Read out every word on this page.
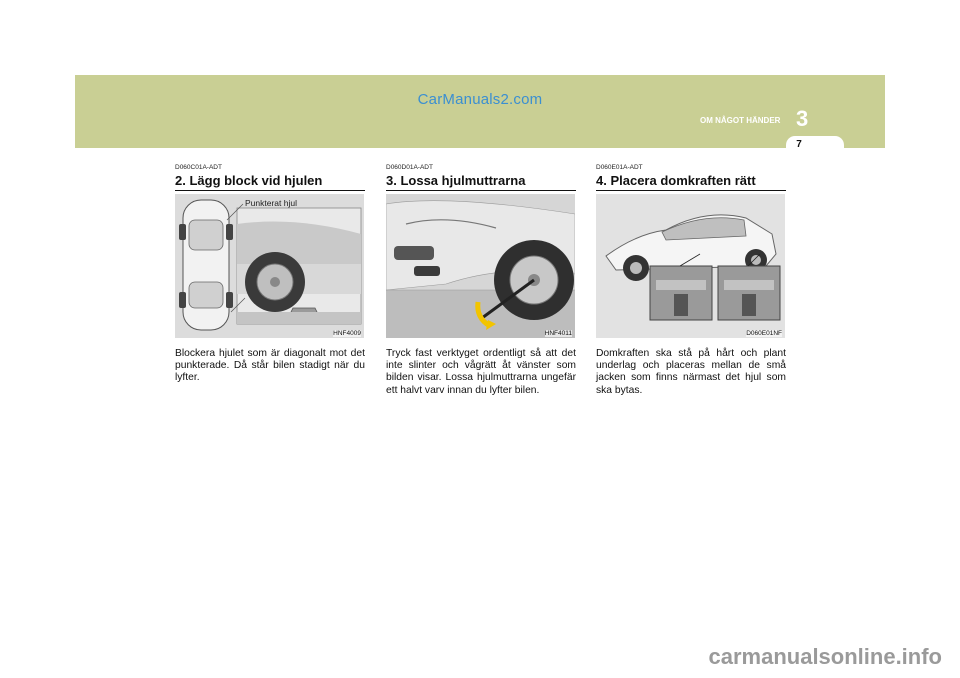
CarManuals2.com
OM NÅGOT HÄNDER 3
7
D060C01A-ADT
2. Lägg block vid hjulen
Punkterat hjul
HNF4009
Blockera hjulet som är diagonalt mot det punkterade. Då står bilen stadigt när du lyfter.
D060D01A-ADT
3. Lossa hjulmuttrarna
HNF4011
Tryck fast verktyget ordentligt så att det inte slinter och vågrätt åt vänster som bilden visar. Lossa hjulmuttrarna ungefär ett halvt varv innan du lyfter bilen.
D060E01A-ADT
4. Placera domkraften rätt
D060E01NF
Domkraften ska stå på hårt och plant underlag och placeras mellan de små jacken som finns närmast det hjul som ska bytas.
carmanualsonline.info
